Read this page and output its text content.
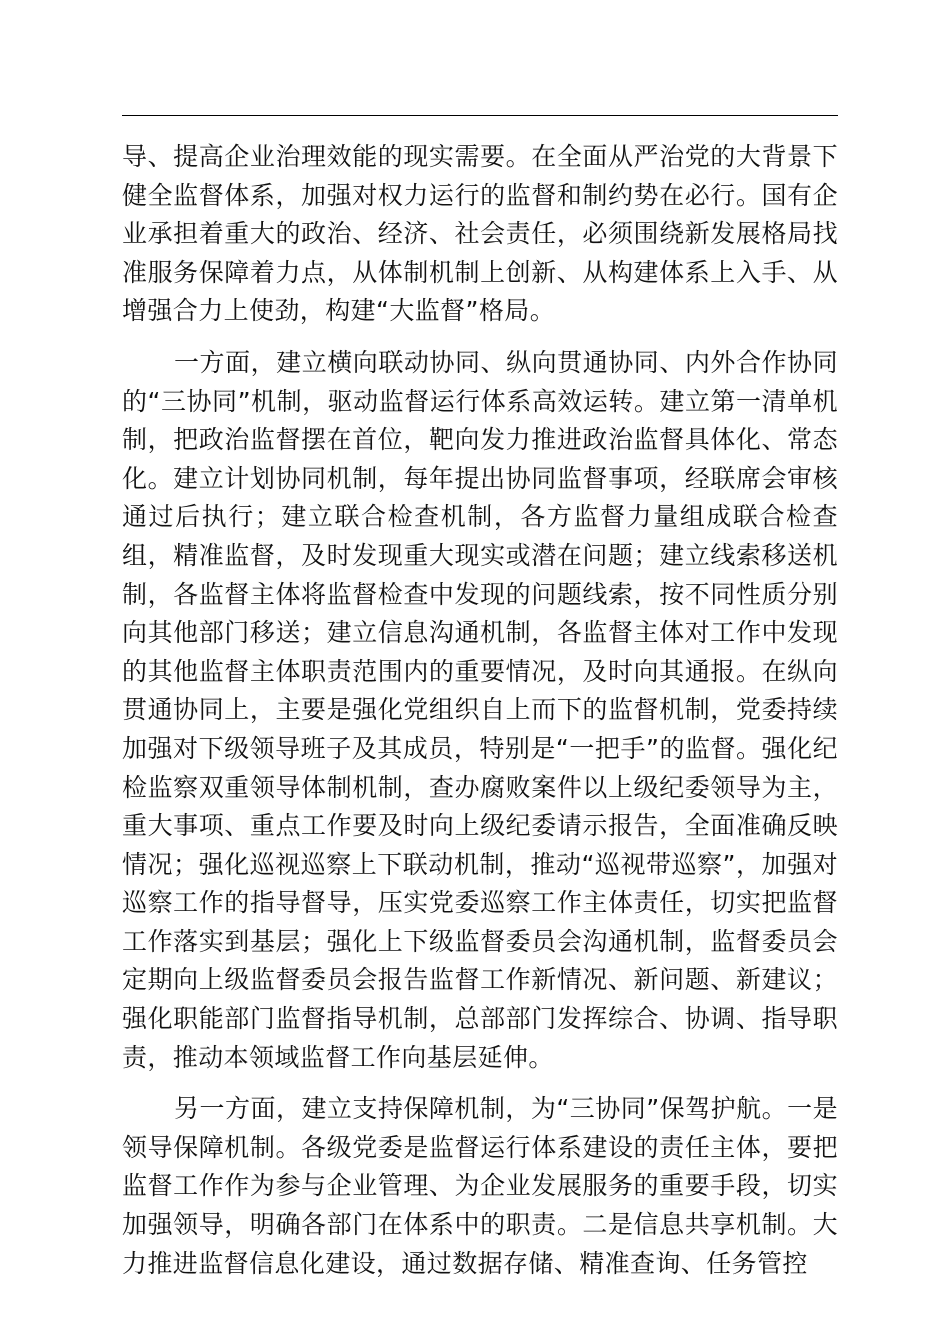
导、提高企业治理效能的现实需要。在全面从严治党的大背景下健全监督体系，加强对权力运行的监督和制约势在必行。国有企业承担着重大的政治、经济、社会责任，必须围绕新发展格局找准服务保障着力点，从体制机制上创新、从构建体系上入手、从增强合力上使劲，构建“大监督”格局。

一方面，建立横向联动协同、纵向贯通协同、内外合作协同的“三协同”机制，驱动监督运行体系高效运转。建立第一清单机制，把政治监督摆在首位，靶向发力推进政治监督具体化、常态化。建立计划协同机制，每年提出协同监督事项，经联席会审核通过后执行；建立联合检查机制，各方监督力量组成联合检查组，精准监督，及时发现重大现实或潜在问题；建立线索移送机制，各监督主体将监督检查中发现的问题线索，按不同性质分别向其他部门移送；建立信息沟通机制，各监督主体对工作中发现的其他监督主体职责范围内的重要情况，及时向其通报。在纵向贯通协同上，主要是强化党组织自上而下的监督机制，党委持续加强对下级领导班子及其成员，特别是“一把手”的监督。强化纪检监察双重领导体制机制，查办腐败案件以上级纪委领导为主，重大事项、重点工作要及时向上级纪委请示报告，全面准确反映情况；强化巡视巡察上下联动机制，推动“巡视带巡察”，加强对巡察工作的指导督导，压实党委巡察工作主体责任，切实把监督工作落实到基层；强化上下级监督委员会沟通机制，监督委员会定期向上级监督委员会报告监督工作新情况、新问题、新建议；强化职能部门监督指导机制，总部部门发挥综合、协调、指导职责，推动本领域监督工作向基层延伸。

另一方面，建立支持保障机制，为“三协同”保驾护航。一是领导保障机制。各级党委是监督运行体系建设的责任主体，要把监督工作作为参与企业管理、为企业发展服务的重要手段，切实加强领导，明确各部门在体系中的职责。二是信息共享机制。大力推进监督信息化建设，通过数据存储、精准查询、任务管控
